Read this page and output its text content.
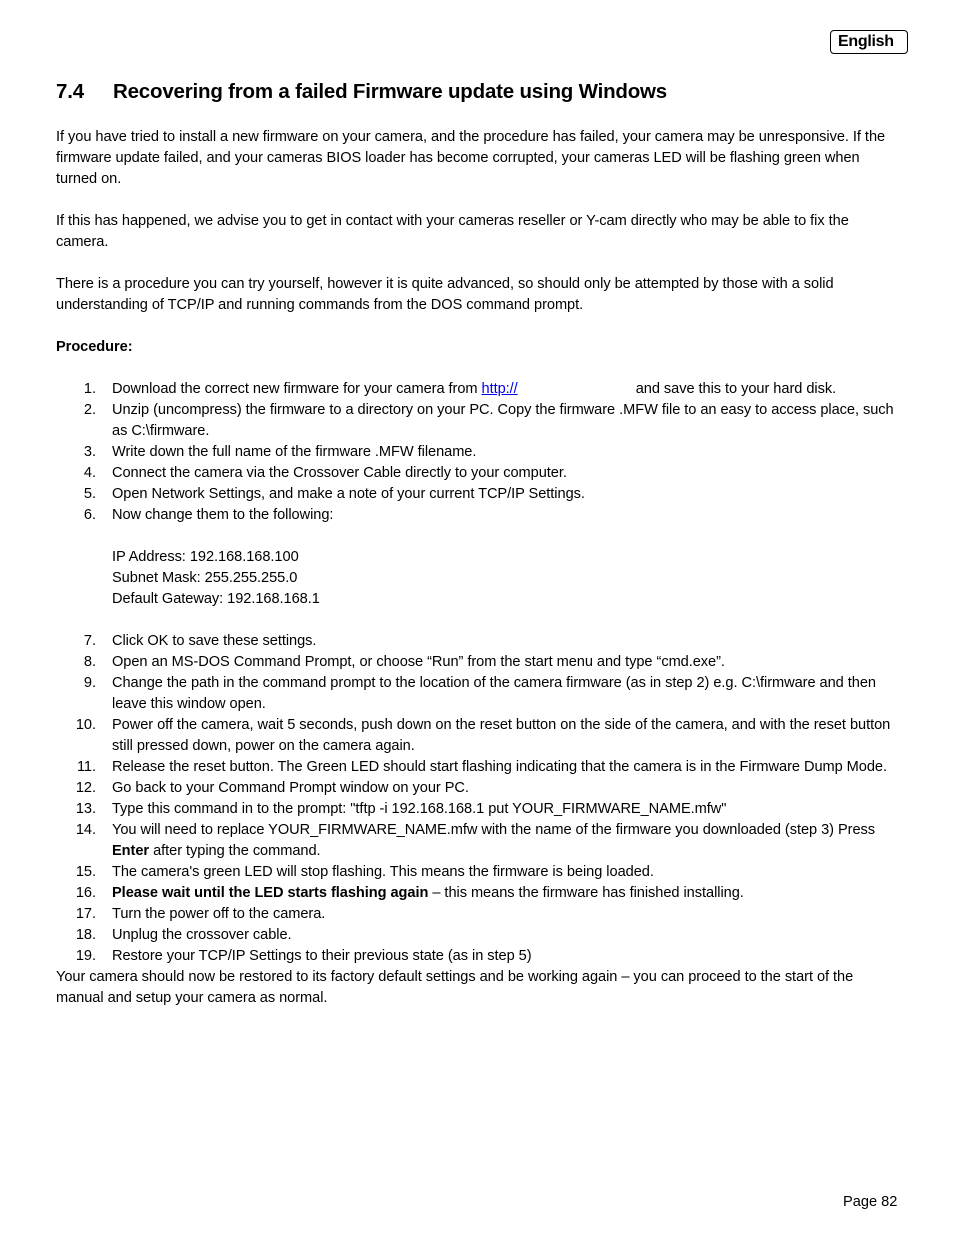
English
7.4 Recovering from a failed Firmware update using Windows

If you have tried to install a new firmware on your camera, and the procedure has failed, your camera may be unresponsive. If the firmware update failed, and your cameras BIOS loader has become corrupted, your cameras LED will be flashing green when turned on.

If this has happened, we advise you to get in contact with your cameras reseller or Y-cam directly who may be able to fix the camera.

There is a procedure you can try yourself, however it is quite advanced, so should only be attempted by those with a solid understanding of TCP/IP and running commands from the DOS command prompt.

Procedure:
1. Download the correct new firmware for your camera from http://	and save this to your hard disk.
2. Unzip (uncompress) the firmware to a directory on your PC. Copy the firmware .MFW file to an easy to access place, such as C:\firmware.
3. Write down the full name of the firmware .MFW filename.
4. Connect the camera via the Crossover Cable directly to your computer.
5. Open Network Settings, and make a note of your current TCP/IP Settings.
6. Now change them to the following:
IP Address: 192.168.168.100
Subnet Mask: 255.255.255.0
Default Gateway: 192.168.168.1
7. Click OK to save these settings.
8. Open an MS-DOS Command Prompt, or choose “Run” from the start menu and type “cmd.exe”.
9. Change the path in the command prompt to the location of the camera firmware (as in step 2) e.g. C:\firmware and then leave this window open.
10. Power off the camera, wait 5 seconds, push down on the reset button on the side of the camera, and with the reset button still pressed down, power on the camera again.
11. Release the reset button. The Green LED should start flashing indicating that the camera is in the Firmware Dump Mode.
12. Go back to your Command Prompt window on your PC.
13. Type this command in to the prompt: "tftp -i 192.168.168.1 put YOUR_FIRMWARE_NAME.mfw"
14. You will need to replace YOUR_FIRMWARE_NAME.mfw with the name of the firmware you downloaded (step 3) Press Enter after typing the command.
15. The camera's green LED will stop flashing. This means the firmware is being loaded.
16. Please wait until the LED starts flashing again – this means the firmware has finished installing.
17. Turn the power off to the camera.
18. Unplug the crossover cable.
19. Restore your TCP/IP Settings to their previous state (as in step 5)

Your camera should now be restored to its factory default settings and be working again – you can proceed to the start of the manual and setup your camera as normal.

Page 82
